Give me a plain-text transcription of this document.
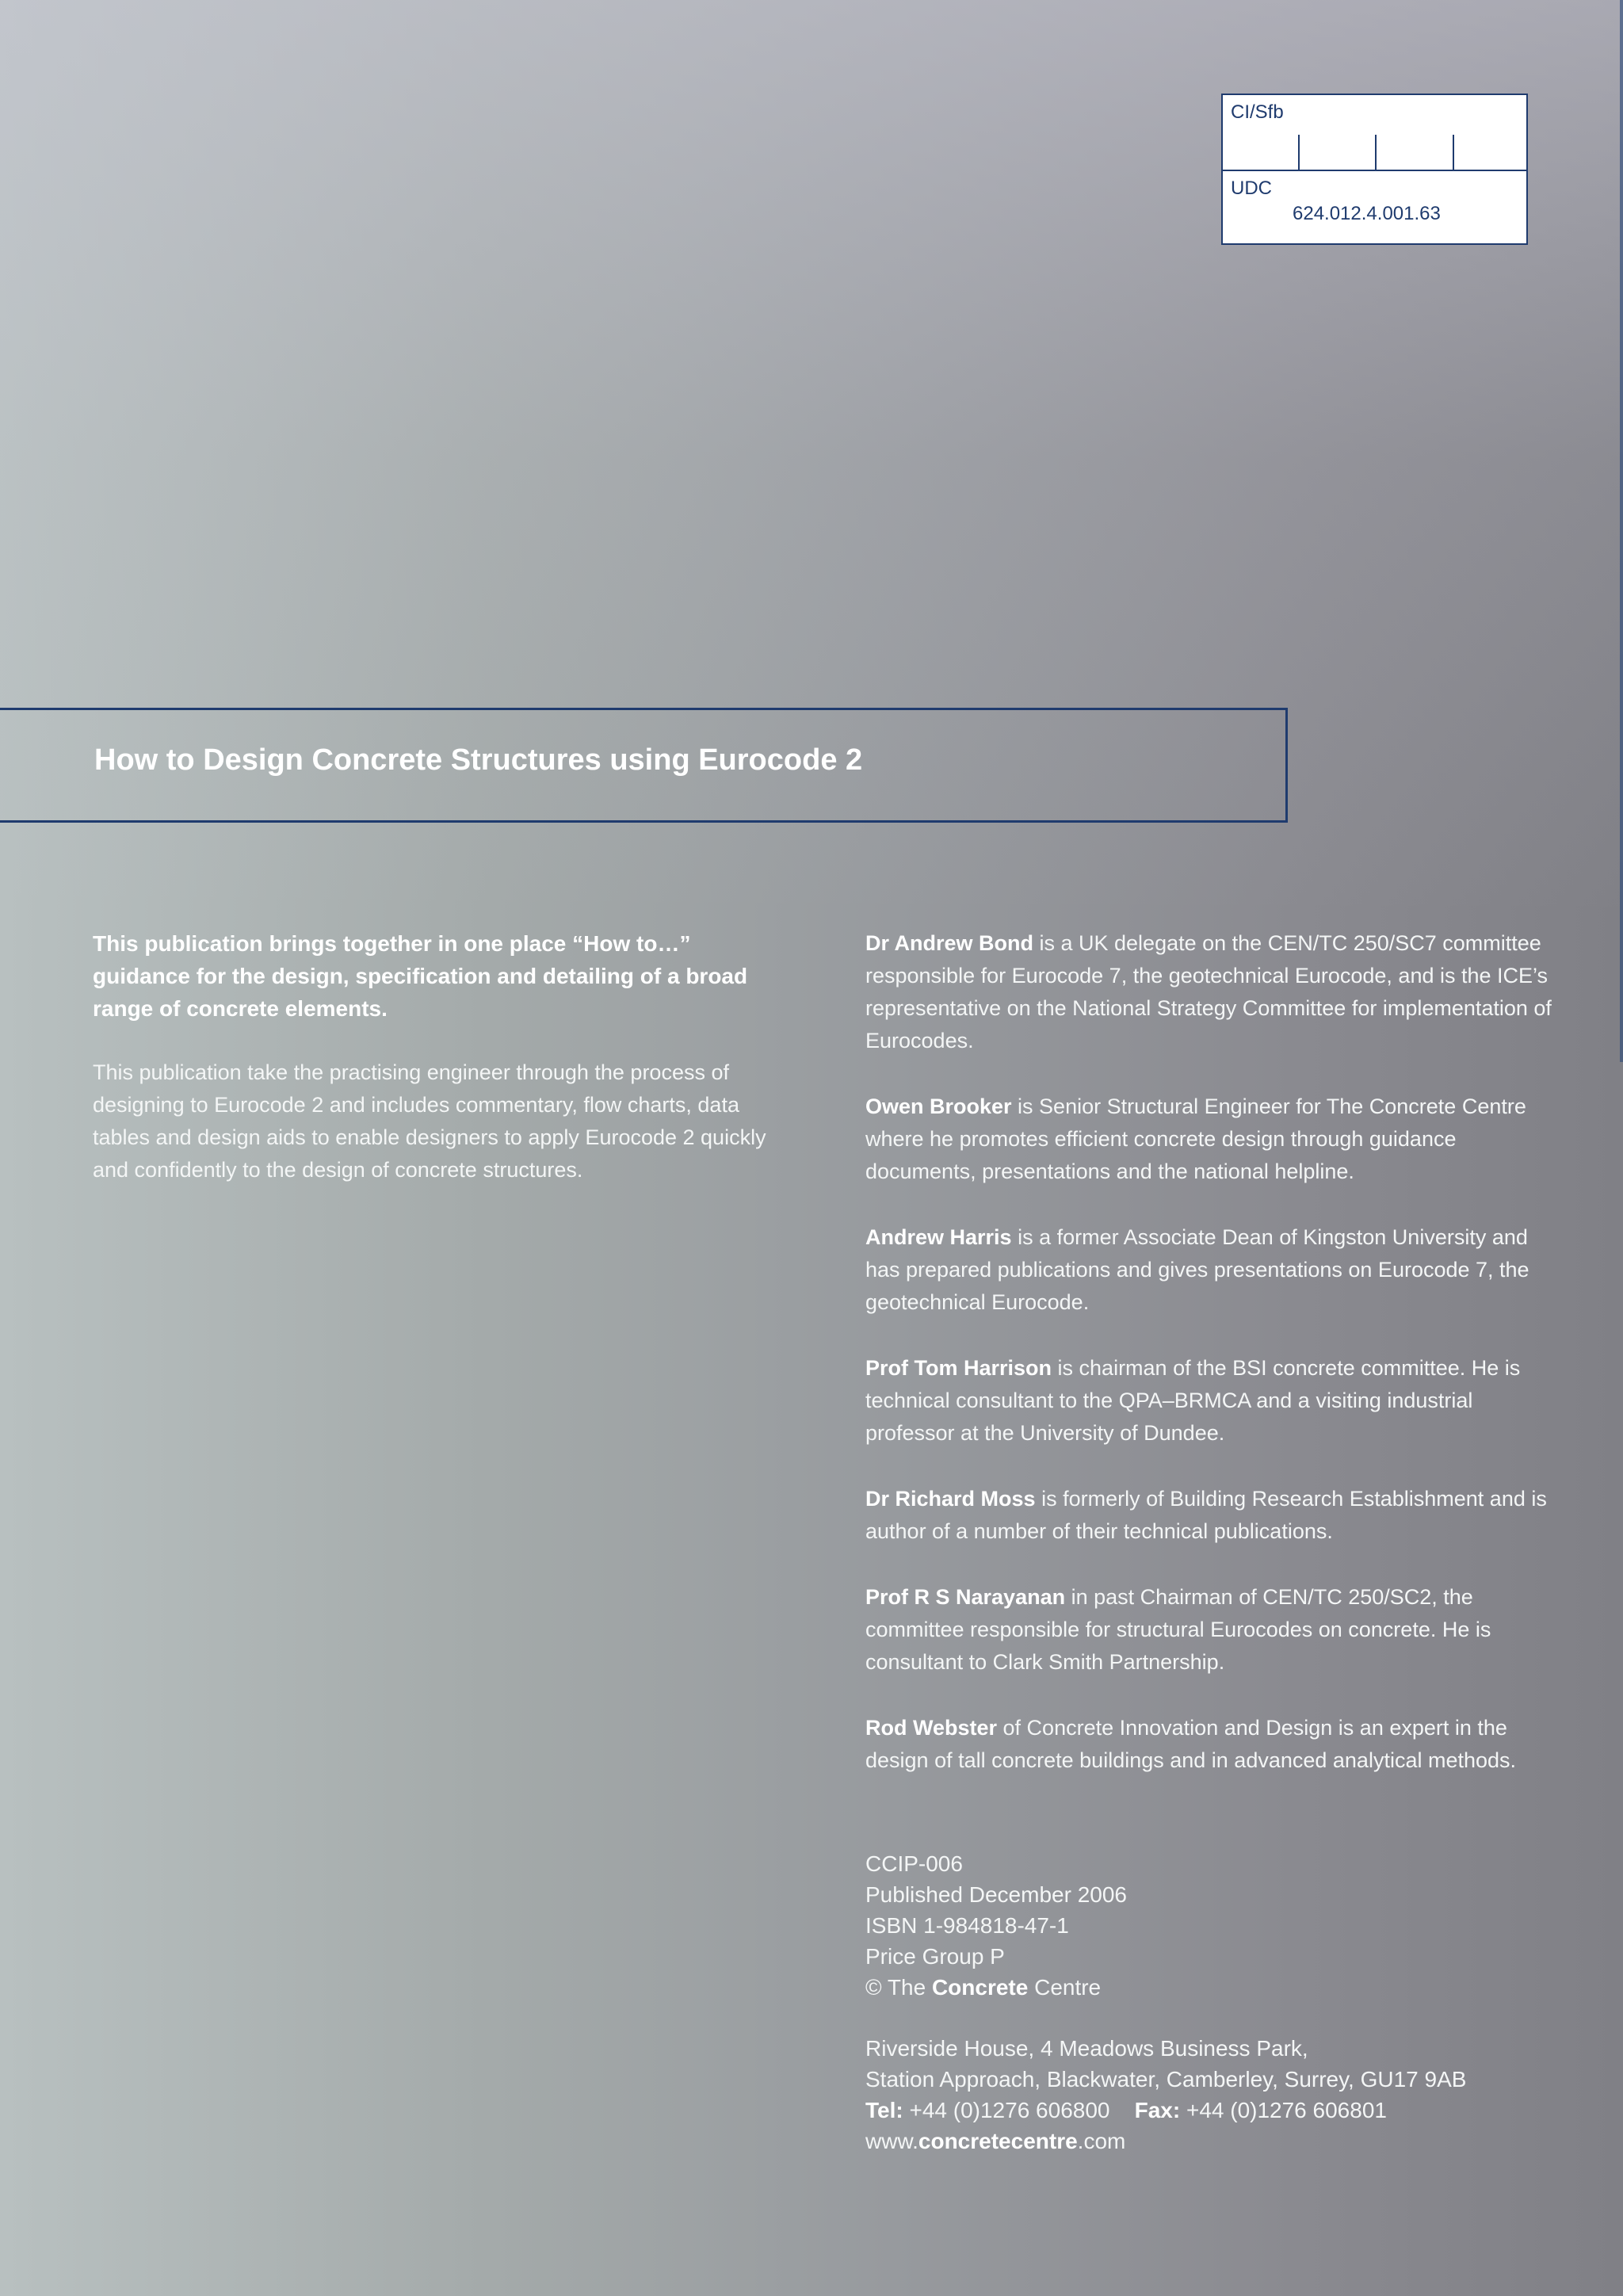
CI/Sfb
UDC
624.012.4.001.63
How to Design Concrete Structures using Eurocode 2

This publication brings together in one place “How to…” guidance for the design, specification and detailing of a broad range of concrete elements.

This publication take the practising engineer through the process of designing to Eurocode 2 and includes commentary, flow charts, data tables and design aids to enable designers to apply Eurocode 2 quickly and confidently to the design of concrete structures.

Dr Andrew Bond is a UK delegate on the CEN/TC 250/SC7 committee responsible for Eurocode 7, the geotechnical Eurocode, and is the ICE’s representative on the National Strategy Committee for implementation of Eurocodes.

Owen Brooker is Senior Structural Engineer for The Concrete Centre where he promotes efficient concrete design through guidance documents, presentations and the national helpline.

Andrew Harris is a former Associate Dean of Kingston University and has prepared publications and gives presentations on Eurocode 7, the geotechnical Eurocode.

Prof Tom Harrison is chairman of the BSI concrete committee. He is technical consultant to the QPA–BRMCA and a visiting industrial professor at the University of Dundee.

Dr Richard Moss is formerly of Building Research Establishment and is author of a number of their technical publications.

Prof R S Narayanan in past Chairman of CEN/TC 250/SC2, the committee responsible for structural Eurocodes on concrete. He is consultant to Clark Smith Partnership.

Rod Webster of Concrete Innovation and Design is an expert in the design of tall concrete buildings and in advanced analytical methods.

CCIP-006
Published December 2006
ISBN 1-984818-47-1
Price Group P
© The Concrete Centre
Riverside House, 4 Meadows Business Park,
Station Approach, Blackwater, Camberley, Surrey, GU17 9AB
Tel: +44 (0)1276 606800 Fax: +44 (0)1276 606801
www.concretecentre.com
